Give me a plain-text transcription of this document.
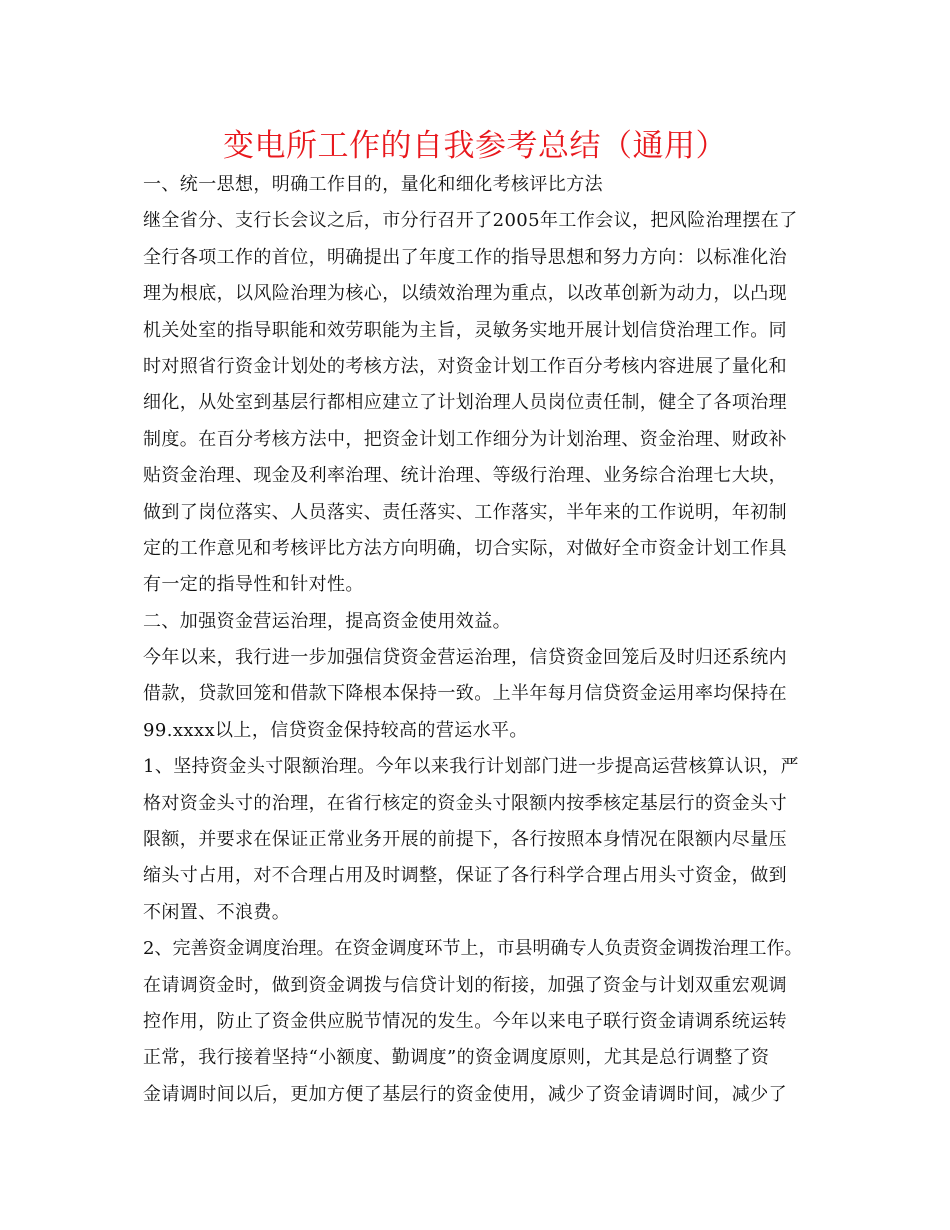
变电所工作的自我参考总结（通用）
一、统一思想，明确工作目的，量化和细化考核评比方法
继全省分、支行长会议之后，市分行召开了2005年工作会议，把风险治理摆在了
全行各项工作的首位，明确提出了年度工作的指导思想和努力方向：以标准化治
理为根底，以风险治理为核心，以绩效治理为重点，以改革创新为动力，以凸现
机关处室的指导职能和效劳职能为主旨，灵敏务实地开展计划信贷治理工作。同
时对照省行资金计划处的考核方法，对资金计划工作百分考核内容进展了量化和
细化，从处室到基层行都相应建立了计划治理人员岗位责任制，健全了各项治理
制度。在百分考核方法中，把资金计划工作细分为计划治理、资金治理、财政补
贴资金治理、现金及利率治理、统计治理、等级行治理、业务综合治理七大块，
做到了岗位落实、人员落实、责任落实、工作落实，半年来的工作说明，年初制
定的工作意见和考核评比方法方向明确，切合实际，对做好全市资金计划工作具
有一定的指导性和针对性。
二、加强资金营运治理，提高资金使用效益。
今年以来，我行进一步加强信贷资金营运治理，信贷资金回笼后及时归还系统内
借款，贷款回笼和借款下降根本保持一致。上半年每月信贷资金运用率均保持在
99.xxxx以上，信贷资金保持较高的营运水平。
1、坚持资金头寸限额治理。今年以来我行计划部门进一步提高运营核算认识，严
格对资金头寸的治理，在省行核定的资金头寸限额内按季核定基层行的资金头寸
限额，并要求在保证正常业务开展的前提下，各行按照本身情况在限额内尽量压
缩头寸占用，对不合理占用及时调整，保证了各行科学合理占用头寸资金，做到
不闲置、不浪费。
2、完善资金调度治理。在资金调度环节上，市县明确专人负责资金调拨治理工作。
在请调资金时，做到资金调拨与信贷计划的衔接，加强了资金与计划双重宏观调
控作用，防止了资金供应脱节情况的发生。今年以来电子联行资金请调系统运转
正常，我行接着坚持“小额度、勤调度”的资金调度原则，尤其是总行调整了资
金请调时间以后，更加方便了基层行的资金使用，减少了资金请调时间，减少了
